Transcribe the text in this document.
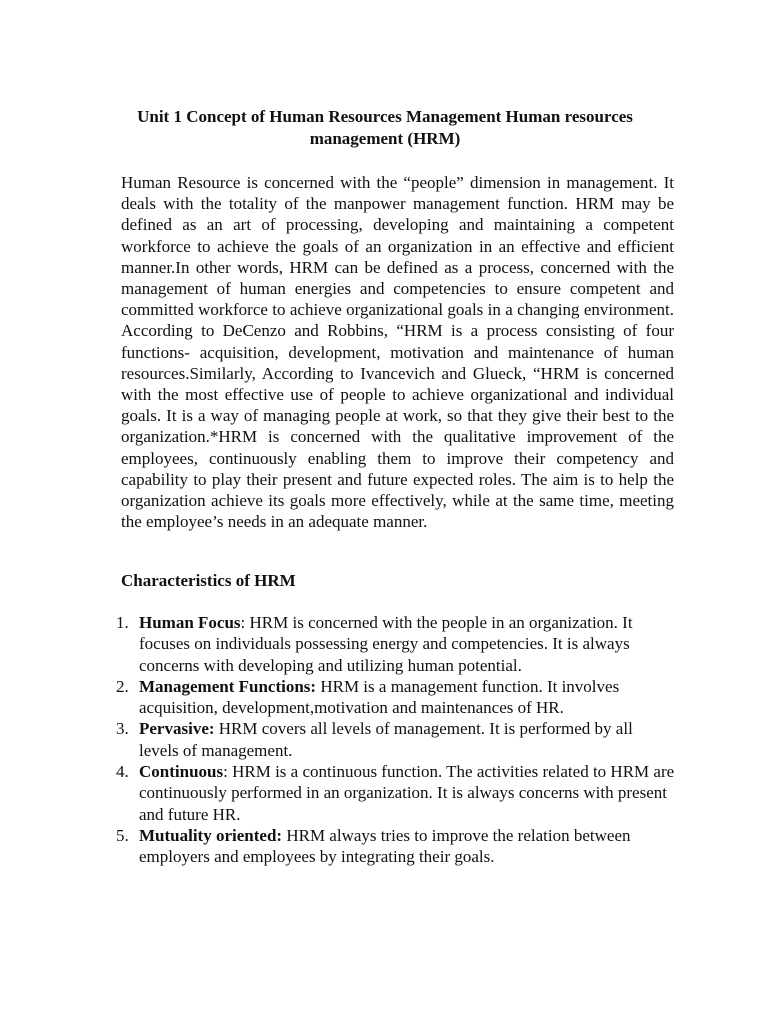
Unit 1 Concept of Human Resources Management Human resources management (HRM)

Human Resource is concerned with the “people” dimension in management. It deals with the totality of the manpower management function. HRM may be defined as an art of processing, developing and maintaining a competent workforce to achieve the goals of an organization in an effective and efficient manner.In other words, HRM can be defined as a process, concerned with the management of human energies and competencies to ensure competent and committed workforce to achieve organizational goals in a changing environment. According to DeCenzo and Robbins, “HRM is a process consisting of four functions- acquisition, development, motivation and maintenance of human resources.Similarly, According to Ivancevich and Glueck, “HRM is concerned with the most effective use of people to achieve organizational and individual goals. It is a way of managing people at work, so that they give their best to the organization.*HRM is concerned with the qualitative improvement of the employees, continuously enabling them to improve their competency and capability to play their present and future expected roles. The aim is to help the organization achieve its goals more effectively, while at the same time, meeting the employee’s needs in an adequate manner.

Characteristics of HRM
1. Human Focus: HRM is concerned with the people in an organization. It focuses on individuals possessing energy and competencies. It is always concerns with developing and utilizing human potential.
2. Management Functions: HRM is a management function. It involves acquisition, development,motivation and maintenances of HR.
3. Pervasive: HRM covers all levels of management. It is performed by all levels of management.
4. Continuous: HRM is a continuous function. The activities related to HRM are continuously performed in an organization. It is always concerns with present and future HR.
5. Mutuality oriented: HRM always tries to improve the relation between employers and employees by integrating their goals.
